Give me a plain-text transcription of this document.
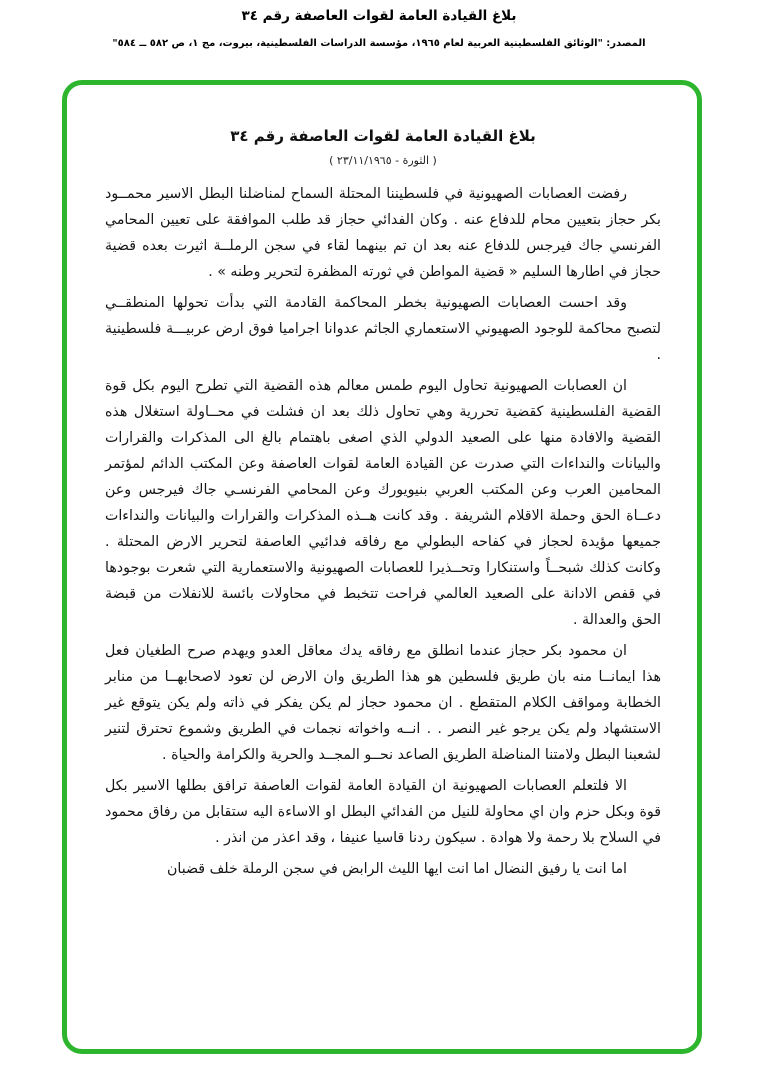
بلاغ القيادة العامة لقوات العاصفة رقم ٣٤
المصدر: "الوثائق الفلسطينية العربية لعام ١٩٦٥، مؤسسة الدراسات الفلسطينية، بيروت، مج ١، ص ٥٨٢ ــ ٥٨٤"
بلاغ القيادة العامة لقوات العاصفة رقم ٣٤
( الثورة - ٢٣/١١/١٩٦٥ )

رفضت العصابات الصهيونية في فلسطيننا المحتلة السماح لمناضلنا البطل الاسير محمــود بكر حجاز بتعيين محام للدفاع عنه . وكان الفدائي حجاز قد طلب الموافقة على تعيين المحامي الفرنسي جاك فيرجس للدفاع عنه بعد ان تم بينهما لقاء في سجن الرملــة اثيرت بعده قضية حجاز في اطارها السليم « قضية المواطن في ثورته المظفرة لتحرير وطنه » .

وقد احست العصابات الصهيونية بخطر المحاكمة القادمة التي بدأت تحولها المنطقــي لتصبح محاكمة للوجود الصهيوني الاستعماري الجاثم عدوانا اجراميا فوق ارض عربيـــة فلسطينية .

ان العصابات الصهيونية تحاول اليوم طمس معالم هذه القضية التي تطرح اليوم بكل قوة القضية الفلسطينية كقضية تحررية وهي تحاول ذلك بعد ان فشلت في محــاولة استغلال هذه القضية والافادة منها على الصعيد الدولي الذي اصغى باهتمام بالغ الى المذكرات والقرارات والبيانات والنداءات التي صدرت عن القيادة العامة لقوات العاصفة وعن المكتب الدائم لمؤتمر المحامين العرب وعن المكتب العربي بنيويورك وعن المحامي الفرنسـي جاك فيرجس وعن دعــاة الحق وحملة الاقلام الشريفة . وقد كانت هــذه المذكرات والقرارات والبيانات والنداءات جميعها مؤيدة لحجاز في كفاحه البطولي مع رفاقه فدائيي العاصفة لتحرير الارض المحتلة . وكانت كذلك شبحــاً واستنكارا وتحــذيرا للعصابات الصهيونية والاستعمارية التي شعرت بوجودها في قفص الادانة على الصعيد العالمي فراحت تتخبط في محاولات بائسة للانفلات من قبضة الحق والعدالة .

ان محمود بكر حجاز عندما انطلق مع رفاقه يدك معاقل العدو ويهدم صرح الطغيان فعل هذا ايمانــا منه بان طريق فلسطين هو هذا الطريق وان الارض لن تعود لاصحابهــا من منابر الخطابة ومواقف الكلام المتقطع . ان محمود حجاز لم يكن يفكر في ذاته ولم يكن يتوقع غير الاستشهاد ولم يكن يرجو غير النصر . . انــه واخواته نجمات في الطريق وشموع تحترق لتنير لشعبنا البطل ولامتنا المناضلة الطريق الصاعد نحــو المجــد والحرية والكرامة والحياة .

الا فلتعلم العصابات الصهيونية ان القيادة العامة لقوات العاصفة ترافق بطلها الاسير بكل قوة وبكل حزم وان اي محاولة للنيل من الفدائي البطل او الاساءة اليه ستقابل من رفاق محمود في السلاح بلا رحمة ولا هوادة . سيكون ردنا قاسيا عنيفا ، وقد اعذر من انذر .

اما انت يا رفيق النضال اما انت ايها الليث الرابض في سجن الرملة خلف قضبان
